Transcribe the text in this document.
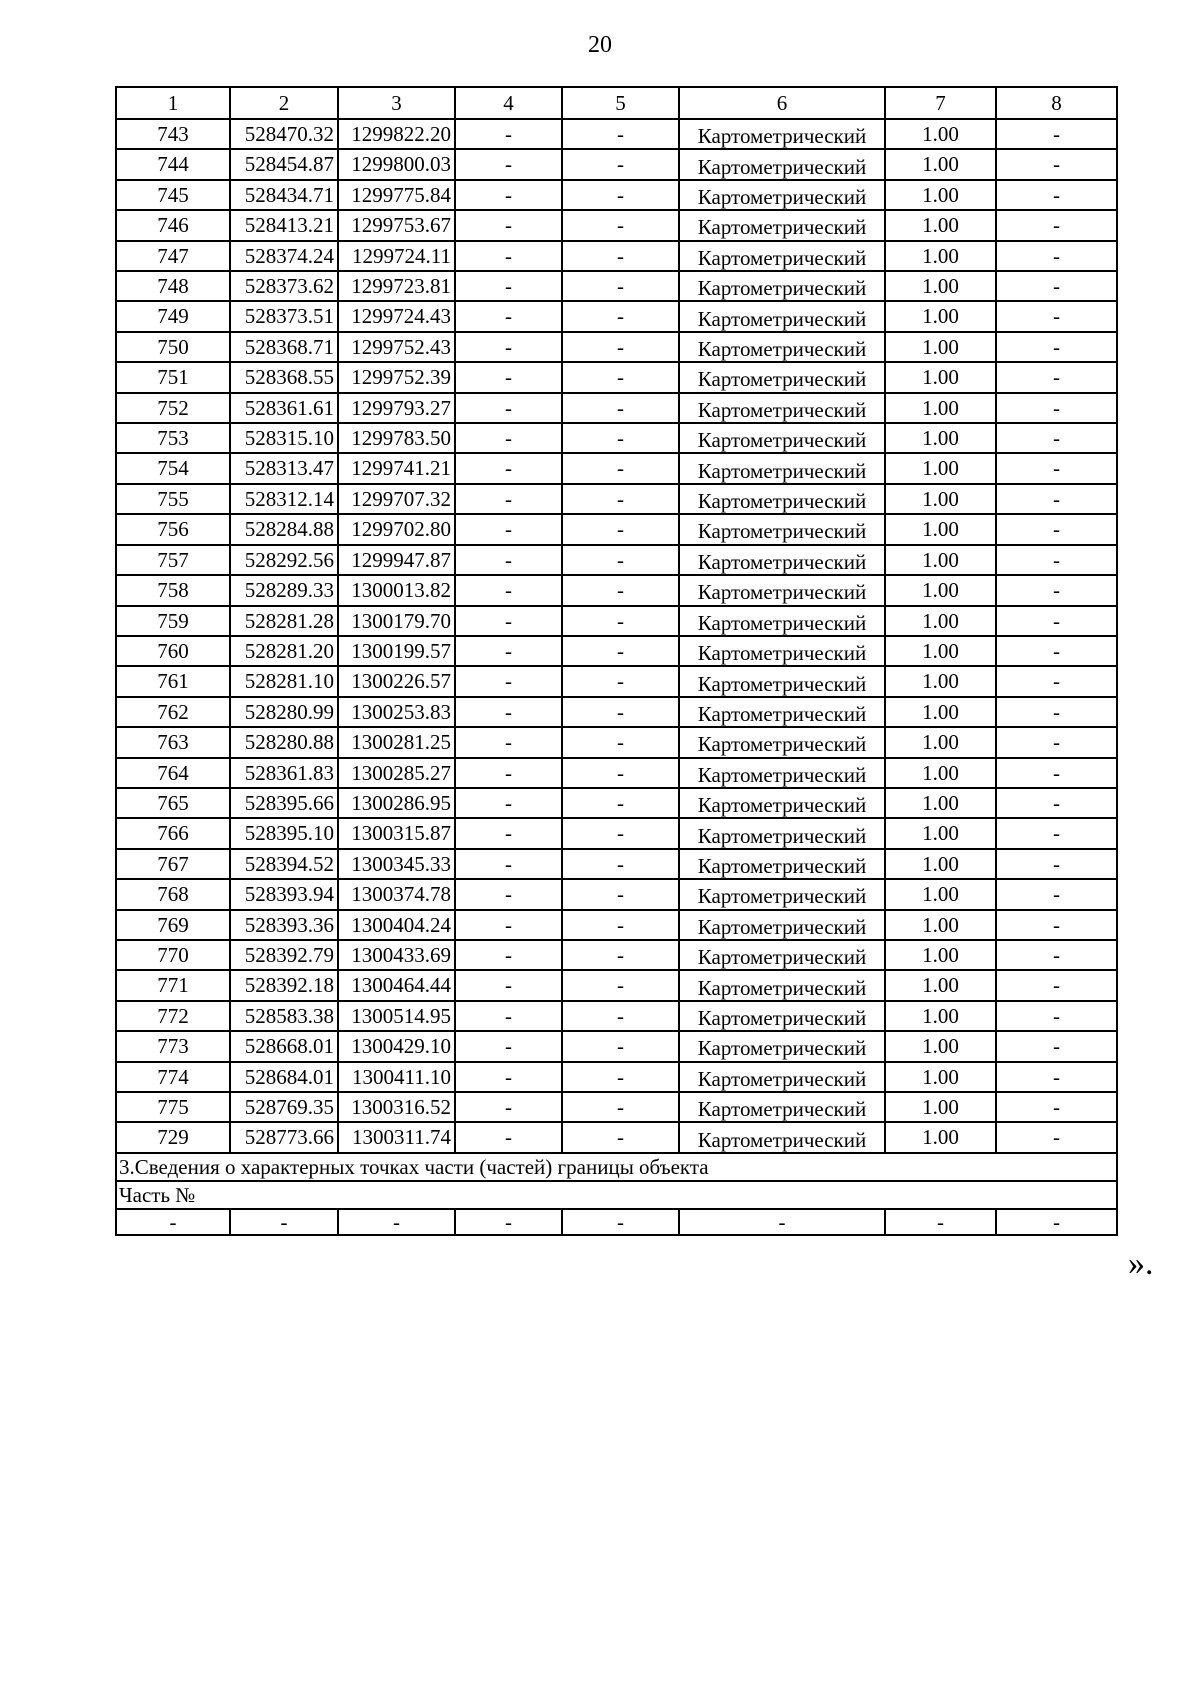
20
1	2	3	4	5	6	7	8
743	528470.32	1299822.20	-	-	Картометрический	1.00	-
744	528454.87	1299800.03	-	-	Картометрический	1.00	-
745	528434.71	1299775.84	-	-	Картометрический	1.00	-
746	528413.21	1299753.67	-	-	Картометрический	1.00	-
747	528374.24	1299724.11	-	-	Картометрический	1.00	-
748	528373.62	1299723.81	-	-	Картометрический	1.00	-
749	528373.51	1299724.43	-	-	Картометрический	1.00	-
750	528368.71	1299752.43	-	-	Картометрический	1.00	-
751	528368.55	1299752.39	-	-	Картометрический	1.00	-
752	528361.61	1299793.27	-	-	Картометрический	1.00	-
753	528315.10	1299783.50	-	-	Картометрический	1.00	-
754	528313.47	1299741.21	-	-	Картометрический	1.00	-
755	528312.14	1299707.32	-	-	Картометрический	1.00	-
756	528284.88	1299702.80	-	-	Картометрический	1.00	-
757	528292.56	1299947.87	-	-	Картометрический	1.00	-
758	528289.33	1300013.82	-	-	Картометрический	1.00	-
759	528281.28	1300179.70	-	-	Картометрический	1.00	-
760	528281.20	1300199.57	-	-	Картометрический	1.00	-
761	528281.10	1300226.57	-	-	Картометрический	1.00	-
762	528280.99	1300253.83	-	-	Картометрический	1.00	-
763	528280.88	1300281.25	-	-	Картометрический	1.00	-
764	528361.83	1300285.27	-	-	Картометрический	1.00	-
765	528395.66	1300286.95	-	-	Картометрический	1.00	-
766	528395.10	1300315.87	-	-	Картометрический	1.00	-
767	528394.52	1300345.33	-	-	Картометрический	1.00	-
768	528393.94	1300374.78	-	-	Картометрический	1.00	-
769	528393.36	1300404.24	-	-	Картометрический	1.00	-
770	528392.79	1300433.69	-	-	Картометрический	1.00	-
771	528392.18	1300464.44	-	-	Картометрический	1.00	-
772	528583.38	1300514.95	-	-	Картометрический	1.00	-
773	528668.01	1300429.10	-	-	Картометрический	1.00	-
774	528684.01	1300411.10	-	-	Картометрический	1.00	-
775	528769.35	1300316.52	-	-	Картометрический	1.00	-
729	528773.66	1300311.74	-	-	Картометрический	1.00	-
3.Сведения о характерных точках части (частей) границы объекта							
Часть №							
-	-	-	-	-	-	-	-
».
